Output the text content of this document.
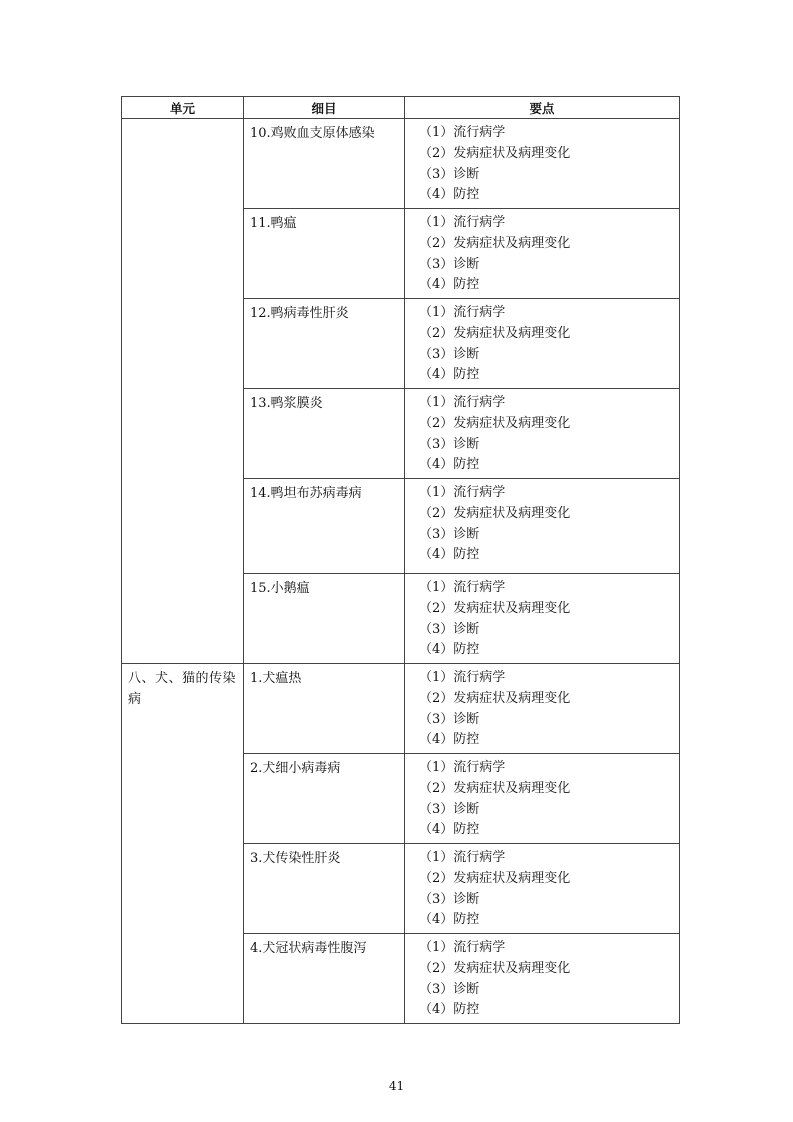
单元	细目	要点
	10.鸡败血支原体感染	（1）流行病学
（2）发病症状及病理变化
（3）诊断
（4）防控

	11.鸭瘟	（1）流行病学
（2）发病症状及病理变化
（3）诊断
（4）防控

	12.鸭病毒性肝炎	（1）流行病学
（2）发病症状及病理变化
（3）诊断
（4）防控

	13.鸭浆膜炎	（1）流行病学
（2）发病症状及病理变化
（3）诊断
（4）防控

	14.鸭坦布苏病毒病	（1）流行病学
（2）发病症状及病理变化
（3）诊断
（4）防控

	15.小鹅瘟	（1）流行病学
（2）发病症状及病理变化
（3）诊断
（4）防控

八、犬、猫的传染病	1.犬瘟热	（1）流行病学
（2）发病症状及病理变化
（3）诊断
（4）防控

	2.犬细小病毒病	（1）流行病学
（2）发病症状及病理变化
（3）诊断
（4）防控

	3.犬传染性肝炎	（1）流行病学
（2）发病症状及病理变化
（3）诊断
（4）防控

	4.犬冠状病毒性腹泻	（1）流行病学
（2）发病症状及病理变化
（3）诊断
（4）防控
41
